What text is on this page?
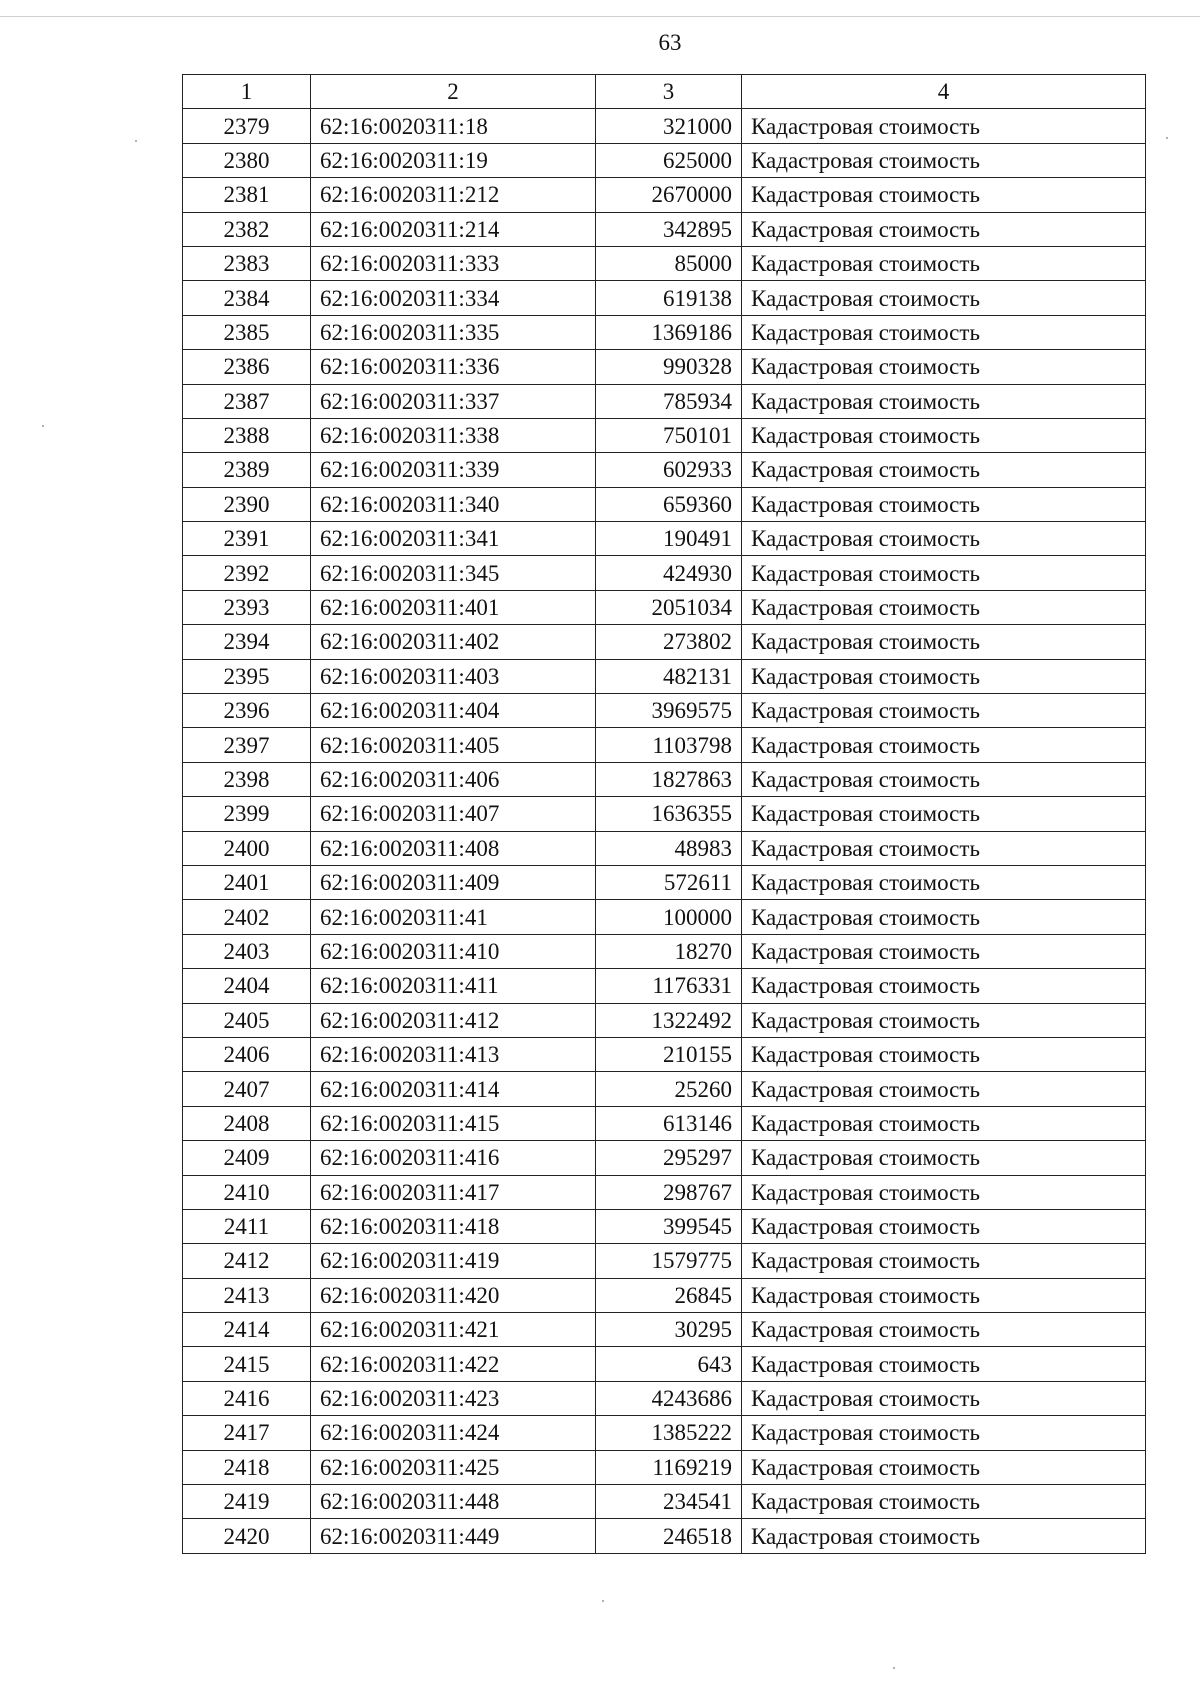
63
1	2	3	4
2379	62:16:0020311:18	321000	Кадастровая стоимость
2380	62:16:0020311:19	625000	Кадастровая стоимость
2381	62:16:0020311:212	2670000	Кадастровая стоимость
2382	62:16:0020311:214	342895	Кадастровая стоимость
2383	62:16:0020311:333	85000	Кадастровая стоимость
2384	62:16:0020311:334	619138	Кадастровая стоимость
2385	62:16:0020311:335	1369186	Кадастровая стоимость
2386	62:16:0020311:336	990328	Кадастровая стоимость
2387	62:16:0020311:337	785934	Кадастровая стоимость
2388	62:16:0020311:338	750101	Кадастровая стоимость
2389	62:16:0020311:339	602933	Кадастровая стоимость
2390	62:16:0020311:340	659360	Кадастровая стоимость
2391	62:16:0020311:341	190491	Кадастровая стоимость
2392	62:16:0020311:345	424930	Кадастровая стоимость
2393	62:16:0020311:401	2051034	Кадастровая стоимость
2394	62:16:0020311:402	273802	Кадастровая стоимость
2395	62:16:0020311:403	482131	Кадастровая стоимость
2396	62:16:0020311:404	3969575	Кадастровая стоимость
2397	62:16:0020311:405	1103798	Кадастровая стоимость
2398	62:16:0020311:406	1827863	Кадастровая стоимость
2399	62:16:0020311:407	1636355	Кадастровая стоимость
2400	62:16:0020311:408	48983	Кадастровая стоимость
2401	62:16:0020311:409	572611	Кадастровая стоимость
2402	62:16:0020311:41	100000	Кадастровая стоимость
2403	62:16:0020311:410	18270	Кадастровая стоимость
2404	62:16:0020311:411	1176331	Кадастровая стоимость
2405	62:16:0020311:412	1322492	Кадастровая стоимость
2406	62:16:0020311:413	210155	Кадастровая стоимость
2407	62:16:0020311:414	25260	Кадастровая стоимость
2408	62:16:0020311:415	613146	Кадастровая стоимость
2409	62:16:0020311:416	295297	Кадастровая стоимость
2410	62:16:0020311:417	298767	Кадастровая стоимость
2411	62:16:0020311:418	399545	Кадастровая стоимость
2412	62:16:0020311:419	1579775	Кадастровая стоимость
2413	62:16:0020311:420	26845	Кадастровая стоимость
2414	62:16:0020311:421	30295	Кадастровая стоимость
2415	62:16:0020311:422	643	Кадастровая стоимость
2416	62:16:0020311:423	4243686	Кадастровая стоимость
2417	62:16:0020311:424	1385222	Кадастровая стоимость
2418	62:16:0020311:425	1169219	Кадастровая стоимость
2419	62:16:0020311:448	234541	Кадастровая стоимость
2420	62:16:0020311:449	246518	Кадастровая стоимость
